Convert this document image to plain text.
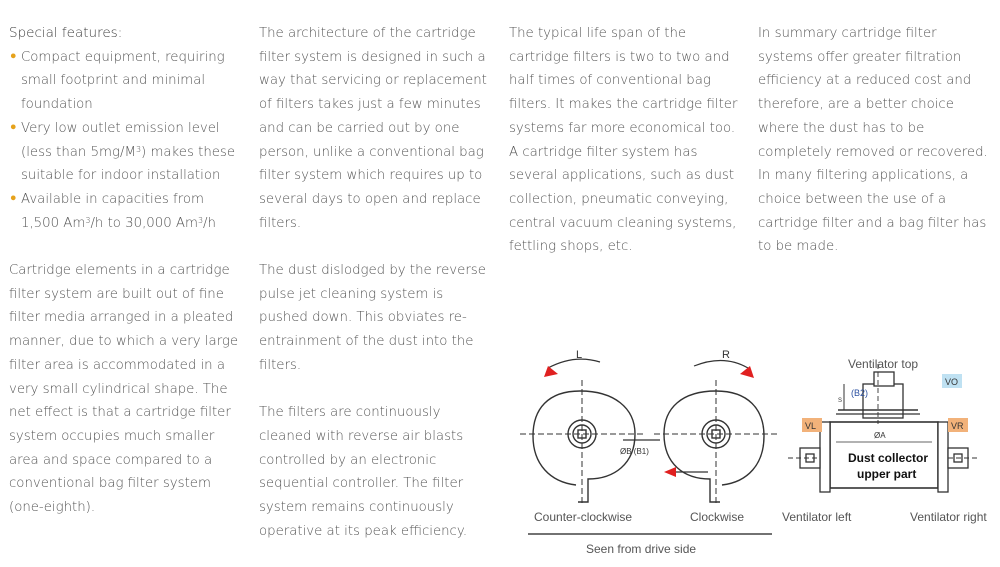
Special features:
• Compact equipment, requiring small footprint and minimal foundation
• Very low outlet emission level (less than $5mg/M^3$) makes these suitable for indoor installation
• Available in capacities from 1,500 Am$^3$/h to 30,000 Am$^3$/h

Cartridge elements in a cartridge filter system are built out of fine filter media arranged in a pleated manner, due to which a very large filter area is accommodated in a very small cylindrical shape. The net effect is that a cartridge filter system occupies much smaller area and space compared to a conventional bag filter system (one-eighth).

The architecture of the cartridge filter system is designed in such a way that servicing or replacement of filters takes just a few minutes and can be carried out by one person, unlike a conventional bag filter system which requires up to several days to open and replace filters.

The dust dislodged by the reverse pulse jet cleaning system is pushed down. This obviates re-entrainment of the dust into the filters.

The filters are continuously cleaned with reverse air blasts controlled by an electronic sequential controller. The filter system remains continuously operative at its peak efficiency.

The typical life span of the cartridge filters is two to two and half times of conventional bag filters. It makes the cartridge filter systems far more economical too. A cartridge filter system has several applications, such as dust collection, pneumatic conveying, central vacuum cleaning systems, fettling shops, etc.

In summary cartridge filter systems offer greater filtration efficiency at a reduced cost and therefore, are a better choice where the dust has to be completely removed or recovered. In many filtering applications, a choice between the use of a cartridge filter and a bag filter has to be made.

L	R
ØB (B1)
Ventilator top
VO
(B2)
S
VL	VR
ØA
Dust collector
upper part
Counter-clockwise	Clockwise	Ventilator left	Ventilator right
Seen from drive side
